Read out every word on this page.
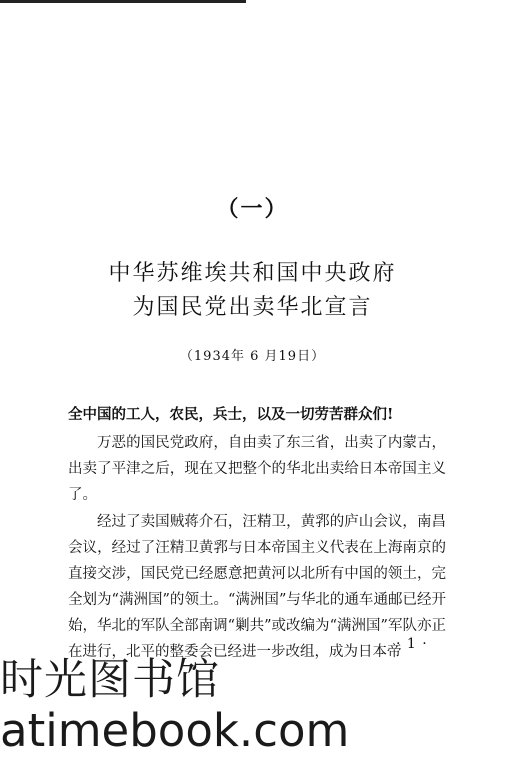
（一）
中华苏维埃共和国中央政府
为国民党出卖华北宣言
（1934年 6 月19日）
全中国的工人，农民，兵士，以及一切劳苦群众们!
万恶的国民党政府，自由卖了东三省，出卖了内蒙古，出卖了平津之后，现在又把整个的华北出卖给日本帝国主义了。
经过了卖国贼蒋介石，汪精卫，黄郛的庐山会议，南昌会议，经过了汪精卫黄郛与日本帝国主义代表在上海南京的直接交涉，国民党已经愿意把黄河以北所有中国的领土，完全划为“满洲国”的领土。“满洲国”与华北的通车通邮已经开始，华北的军队全部南调“剿共”或改编为“满洲国”军队亦正在进行，北平的整委会已经进一步改组，成为日本帝
· 1 ·
时光图书馆
atimebook.com
